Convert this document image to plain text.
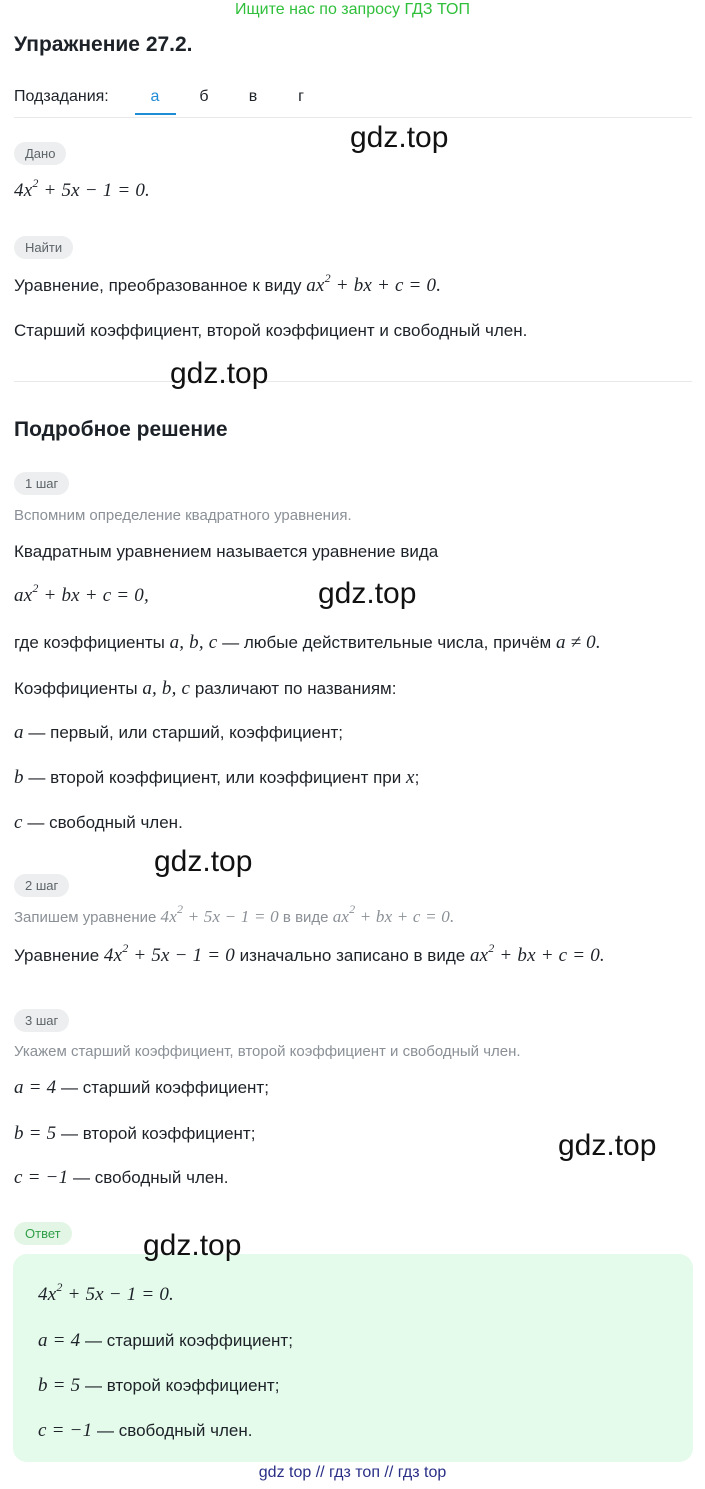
Ищите нас по запросу ГДЗ ТОП
Упражнение 27.2.
Подзадания:	а	б	в	г
Дано
$4x^2 + 5x - 1 = 0$.
Найти
Уравнение, преобразованное к виду $ax^2$ + bx + c = 0.
Старший коэффициент, второй коэффициент и свободный член.
Подробное решение
1 шаг
Вспомним определение квадратного уравнения.
Квадратным уравнением называется уравнение вида
$ax^2$ + bx + c = 0,
где коэффициенты a, b, c — любые действительные числа, причём a ≠ 0.
Коэффициенты a, b, c различают по названиям:
a — первый, или старший, коэффициент;
b — второй коэффициент, или коэффициент при x;
c — свободный член.
2 шаг
Запишем уравнение $4x^2 + 5x - 1 = 0$ в виде $ax^2$ + bx + c = 0.
Уравнение $4x^2 + 5x - 1 = 0$ изначально записано в виде $ax^2$ + bx + c = 0.
3 шаг
Укажем старший коэффициент, второй коэффициент и свободный член.
a = 4 — старший коэффициент;
b = 5 — второй коэффициент;
c = −1 — свободный член.
Ответ
$4x^2 + 5x - 1 = 0$.
a = 4 — старший коэффициент;
b = 5 — второй коэффициент;
c = −1 — свободный член.
gdz.top
gdz.top
gdz.top
gdz.top
gdz.top
gdz.top
gdz top // гдз топ // гдз top
